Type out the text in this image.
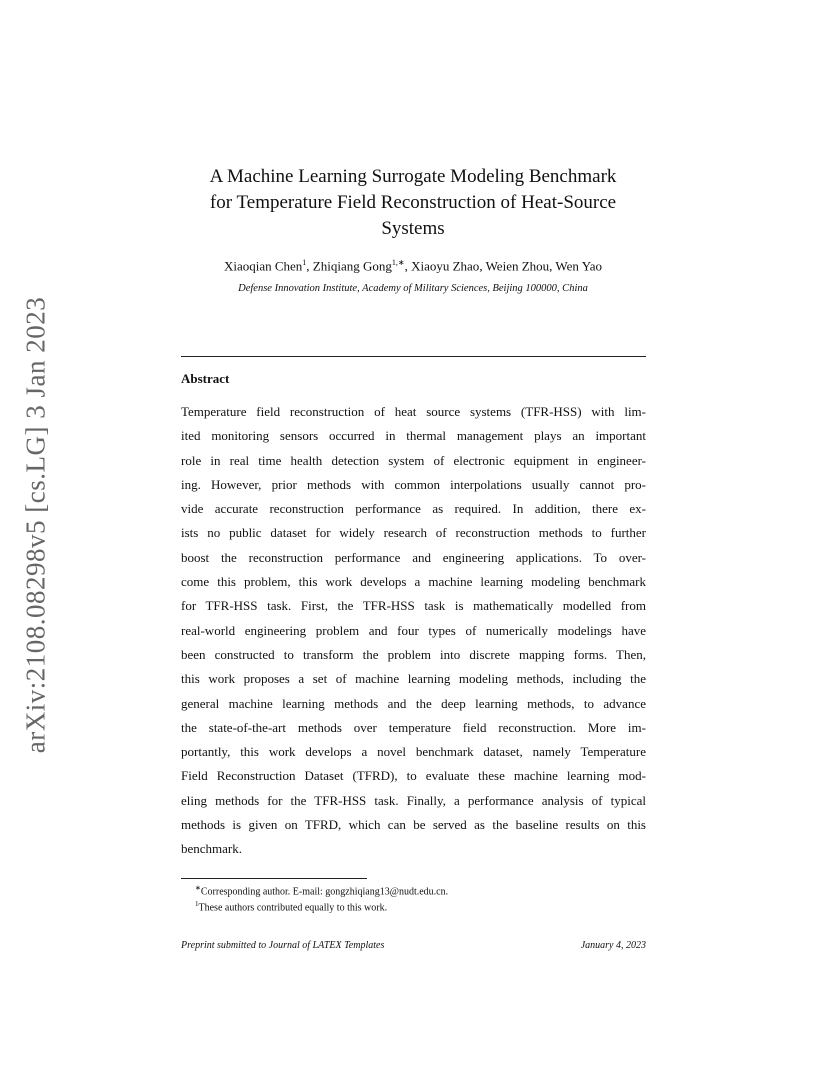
arXiv:2108.08298v5 [cs.LG] 3 Jan 2023
A Machine Learning Surrogate Modeling Benchmark
for Temperature Field Reconstruction of Heat-Source
Systems
Xiaoqian Chen$^1$, Zhiqiang Gong$^{1,∗}$, Xiaoyu Zhao, Weien Zhou, Wen Yao
Defense Innovation Institute, Academy of Military Sciences, Beijing 100000, China
Abstract
Temperature field reconstruction of heat source systems (TFR-HSS) with lim-
ited monitoring sensors occurred in thermal management plays an important
role in real time health detection system of electronic equipment in engineer-
ing. However, prior methods with common interpolations usually cannot pro-
vide accurate reconstruction performance as required. In addition, there ex-
ists no public dataset for widely research of reconstruction methods to further
boost the reconstruction performance and engineering applications. To over-
come this problem, this work develops a machine learning modeling benchmark
for TFR-HSS task. First, the TFR-HSS task is mathematically modelled from
real-world engineering problem and four types of numerically modelings have
been constructed to transform the problem into discrete mapping forms. Then,
this work proposes a set of machine learning modeling methods, including the
general machine learning methods and the deep learning methods, to advance
the state-of-the-art methods over temperature field reconstruction. More im-
portantly, this work develops a novel benchmark dataset, namely Temperature
Field Reconstruction Dataset (TFRD), to evaluate these machine learning mod-
eling methods for the TFR-HSS task. Finally, a performance analysis of typical
methods is given on TFRD, which can be served as the baseline results on this
benchmark.
∗Corresponding author. E-mail: gongzhiqiang13@nudt.edu.cn.
$^1$These authors contributed equally to this work.
Preprint submitted to Journal of LATEX Templates	January 4, 2023
